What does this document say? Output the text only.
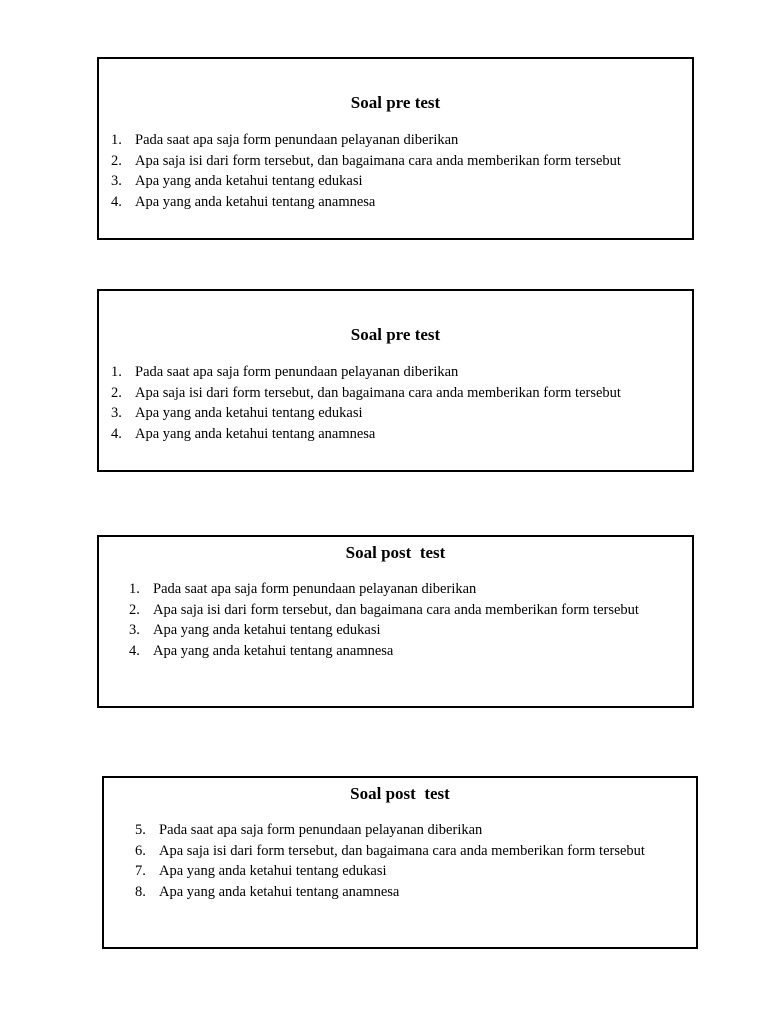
Soal pre test
1. Pada saat apa saja form penundaan pelayanan diberikan
2. Apa saja isi dari form tersebut, dan bagaimana cara anda memberikan form tersebut
3. Apa yang anda ketahui tentang edukasi
4. Apa yang anda ketahui tentang anamnesa
Soal pre test
1. Pada saat apa saja form penundaan pelayanan diberikan
2. Apa saja isi dari form tersebut, dan bagaimana cara anda memberikan form tersebut
3. Apa yang anda ketahui tentang edukasi
4. Apa yang anda ketahui tentang anamnesa
Soal post  test
1. Pada saat apa saja form penundaan pelayanan diberikan
2. Apa saja isi dari form tersebut, dan bagaimana cara anda memberikan form tersebut
3. Apa yang anda ketahui tentang edukasi
4. Apa yang anda ketahui tentang anamnesa
Soal post  test
5. Pada saat apa saja form penundaan pelayanan diberikan
6. Apa saja isi dari form tersebut, dan bagaimana cara anda memberikan form tersebut
7. Apa yang anda ketahui tentang edukasi
8. Apa yang anda ketahui tentang anamnesa
